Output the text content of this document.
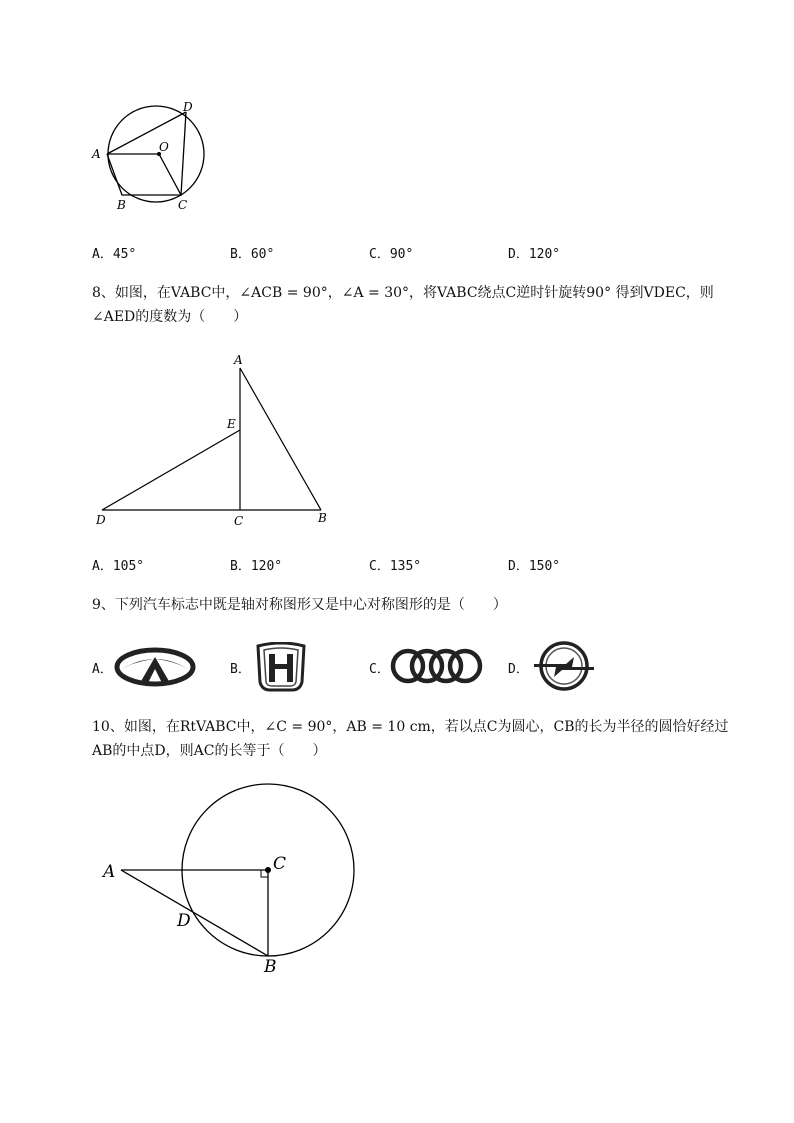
A
B	C
D
O
A．45°	B．60°	C．90°	D．120°
8、如图，在VABC中，∠ACB = 90°，∠A = 30°，将VABC绕点C逆时针旋转90° 得到VDEC，则
∠AED的度数为（　　）
A
E
D	C	B
A．105°	B．120°	C．135°	D．150°
9、下列汽车标志中既是轴对称图形又是中心对称图形的是（　　）
A．	B．	C．	D．
10、如图，在RtVABC中，∠C = 90°，AB = 10 cm，若以点C为圆心，CB的长为半径的圆恰好经过
AB的中点D，则AC的长等于（　　）
A	C
D
B
